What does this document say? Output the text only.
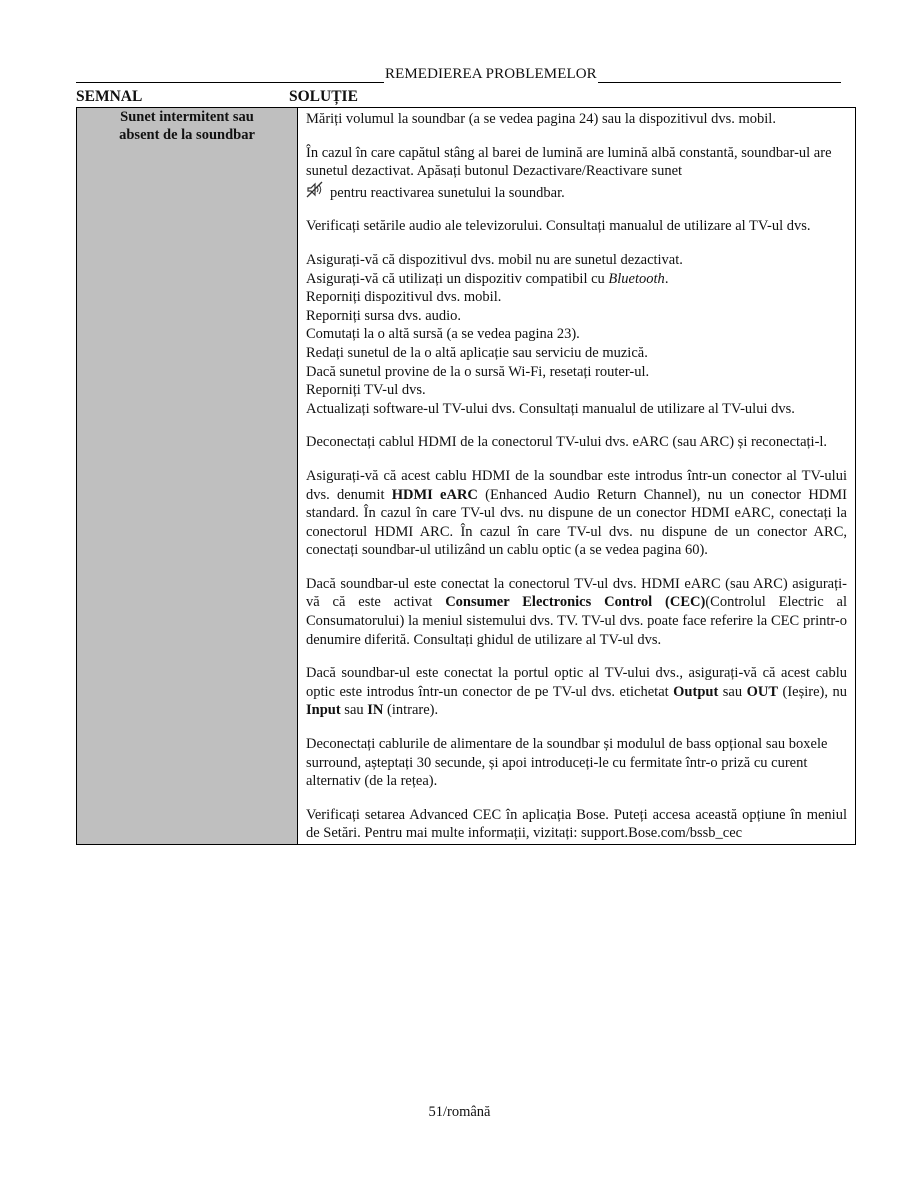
REMEDIEREA PROBLEMELOR
SEMNAL	SOLUȚIE
Sunet intermitent sau
absent de la soundbar

Măriți volumul la soundbar (a se vedea pagina 24) sau la dispozitivul dvs. mobil.

În cazul în care capătul stâng al barei de lumină are lumină albă constantă, soundbar-ul are sunetul dezactivat. Apăsați butonul Dezactivare/Reactivare sunet
pentru reactivarea sunetului la soundbar.

Verificați setările audio ale televizorului. Consultați manualul de utilizare al TV-ul dvs.

Asigurați-vă că dispozitivul dvs. mobil nu are sunetul dezactivat.

Asigurați-vă că utilizați un dispozitiv compatibil cu Bluetooth.

Reporniți dispozitivul dvs. mobil.

Reporniți sursa dvs. audio.

Comutați la o altă sursă (a se vedea pagina 23).

Redați sunetul de la o altă aplicație sau serviciu de muzică.

Dacă sunetul provine de la o sursă Wi-Fi, resetați router-ul.

Reporniți TV-ul dvs.

Actualizați software-ul TV-ului dvs. Consultați manualul de utilizare al TV-ului dvs.

Deconectați cablul HDMI de la conectorul TV-ului dvs. eARC (sau ARC) și reconectați-l.

Asigurați-vă că acest cablu HDMI de la soundbar este introdus într-un conector al TV-ului dvs. denumit HDMI eARC (Enhanced Audio Return Channel), nu un conector HDMI standard. În cazul în care TV-ul dvs. nu dispune de un conector HDMI eARC, conectați la conectorul HDMI ARC. În cazul în care TV-ul dvs. nu dispune de un conector ARC, conectați soundbar-ul utilizând un cablu optic (a se vedea pagina 60).

Dacă soundbar-ul este conectat la conectorul TV-ul dvs. HDMI eARC (sau ARC) asigurați-vă că este activat Consumer Electronics Control (CEC)(Controlul Electric al Consumatorului) la meniul sistemului dvs. TV. TV-ul dvs. poate face referire la CEC printr-o denumire diferită. Consultați ghidul de utilizare al TV-ul dvs.

Dacă soundbar-ul este conectat la portul optic al TV-ului dvs., asigurați-vă că acest cablu optic este introdus într-un conector de pe TV-ul dvs. etichetat Output sau OUT (Ieșire), nu Input sau IN (intrare).

Deconectați cablurile de alimentare de la soundbar și modulul de bass opțional sau boxele surround, așteptați 30 secunde, și apoi introduceți-le cu fermitate într-o priză cu curent alternativ (de la rețea).

Verificați setarea Advanced CEC în aplicația Bose. Puteți accesa această opțiune în meniul de Setări. Pentru mai multe informații, vizitați: support.Bose.com/bssb_cec

51/română
